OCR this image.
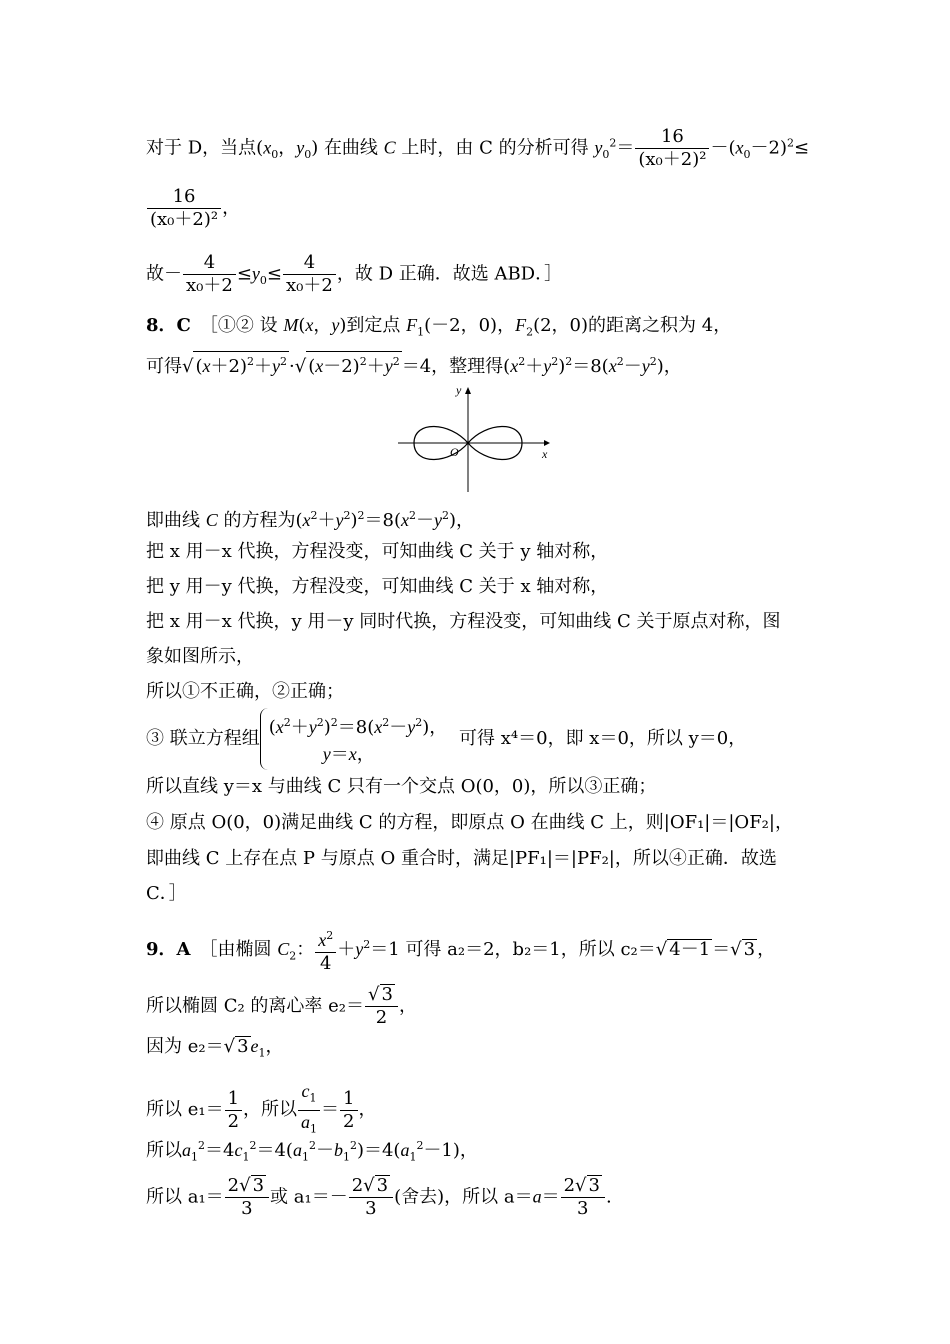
对于 D，当点($x_0$，$y_0$) 在曲线 C 上时，由 C 的分析可得 $y_0^2= \frac{16}{\text{(x₀＋2)²}} -(x_0-2)^2\le$
$\frac{16}{\text{(x₀＋2)²}}$ ，
故－ $\frac{4}{\text{x₀＋2}} \le y_0\le \frac{4}{\text{x₀＋2}}$ ，故 D 正确．故选 ABD．］
8．C　 ［①② 设 M(x，y)到定点 $F_1(-2$，0)，$F_2(2$，0)的距离之积为 4，
可得√ $(x+2)^2+y^2$ ·√ $(x-2)^2+y^2 =4$，整理得$(x^2+y^2)^2=8(x^2-y^2)$，
y
x
O
即曲线 C 的方程为$(x^2+y^2)^2=8(x^2-y^2)$，
把 x 用－x 代换，方程没变，可知曲线 C 关于 y 轴对称，
把 y 用－y 代换，方程没变，可知曲线 C 关于 x 轴对称，
把 x 用－x 代换，y 用－y 同时代换，方程没变，可知曲线 C 关于原点对称，图
象如图所示，
所以①不正确，②正确；
③ 联立方程组
$(x^2+y^2)^2=8(x^2-y^2)$，
y＝x，
可得 x⁴＝0，即 x＝0，所以 y＝0，
所以直线 y＝x 与曲线 C 只有一个交点 O(0，0)，所以③正确；
④ 原点 O(0，0)满足曲线 C 的方程，即原点 O 在曲线 C 上，则|OF₁|＝|OF₂|，
即曲线 C 上存在点 P 与原点 O 重合时，满足|PF₁|＝|PF₂|，所以④正确．故选
C．］
9．A　 ［由椭圆 $C_2$： $\frac{x^2}{4} +y^2=1$ 可得 a₂＝2，b₂＝1，所以 c₂＝√ 4－1 ＝√ 3 ，
所以椭圆 C₂ 的离心率 $e_2= \frac{√ 3}{2}$ ，
因为 e₂＝√ 3 $e_1$，
所以 $e_1= \frac{1}{2}$ ，所以 $\frac{c_1}{a_1} = \frac{1}{2}$ ，
所以$a_1^2=4c_1^2=4(a_1^2-b_1^2)=4(a_1^2-1)$，
所以 $a_1= \frac{2√ 3}{3}$ 或 $a_1=- \frac{2√ 3}{3}$ (舍去)，所以 $a=a= \frac{2√ 3}{3}$ .
